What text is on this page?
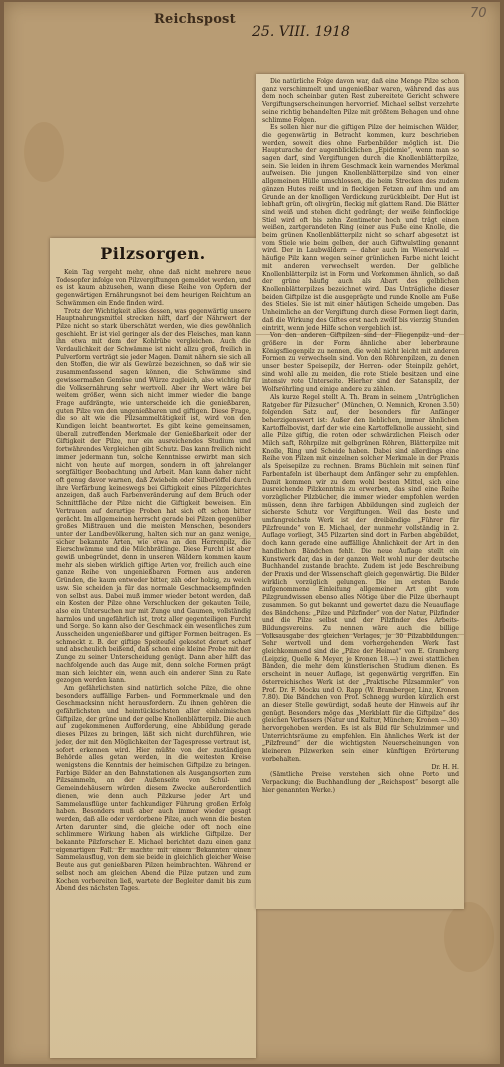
Reichspost
25. VIII. 1918
70
Pilzsorgen.

Kein Tag vergeht mehr, ohne daß nicht mehrere neue Todesopfer infolge von Pilzvergiftungen gemeldet werden, und es ist kaum abzusehen, wann diese Reihe von Opfern der gegenwärtigen Ernährungsnot bei dem heurigen Reichtum an Schwämmen ein Ende finden wird.

Trotz der Wichtigkeit alles dessen, was gegenwärtig unsere Hauptnahrungsmittel strecken hilft, darf der Nährwert der Pilze nicht so stark überschätzt werden, wie dies gewöhnlich geschieht. Er ist viel geringer als der des Fleisches, man kann ihn etwa mit dem der Kohlrübe vergleichen. Auch die Verdaulichkeit der Schwämme ist nicht allzu groß, freilich in Pulverform verträgt sie jeder Magen. Damit nähern sie sich all den Stoffen, die wir als Gewürze bezeichnen, so daß wir sie zusammenfassend sagen können, die Schwämme sind gewissermaßen Gemüse und Würze zugleich, also wichtig für die Volksernährung sehr wertvoll. Aber ihr Wert wäre bei weitem größer, wenn sich nicht immer wieder die bange Frage aufdrängte, wie unterscheide ich die genießbaren, guten Pilze von den ungenießbaren und giftigen. Diese Frage, die so alt wie die Pilzsammeltätigkeit ist, wird von den Kundigen leicht beantwortet. Es gibt keine gemeinsamen, überall zutreffenden Merkmale der Genießbarkeit oder der Giftigkeit der Pilze, nur ein ausreichendes Studium und fortwährendes Vergleichen gibt Schutz. Das kann freilich nicht immer jedermann tun, solche Kenntnisse erwirbt man sich nicht von heute auf morgen, sondern in oft jahrelanger sorgfältiger Beobachtung und Arbeit. Man kann daher nicht oft genug davor warnen, daß Zwiebeln oder Silberlöffel durch ihre Verfärbung keineswegs bei Giftigkeit eines Pilzgerichtes anzeigen, daß auch Farbenveränderung auf dem Bruch oder Schnittfläche der Pilze nicht die Giftigkeit beweisen. Ein Vertrauen auf derartige Proben hat sich oft schon bitter gerächt. Im allgemeinen herrscht gerade bei Pilzen gegenüber großes Mißtrauen und die meisten Menschen, besonders unter der Landbevölkerung, halten sich nur an ganz wenige, sicher bekannte Arten, wie etwa an den Herrenpilz, die Eierschwämme und die Milchbrätlinge. Diese Furcht ist aber gewiß unbegründet, denn in unseren Wäldern kommen kaum mehr als sieben wirklich giftige Arten vor, freilich auch eine ganze Reihe von ungenießbaren Formen aus anderen Gründen, die kaum entweder bitter, zäh oder holzig, zu weich usw. Sie scheiden ja für das normale Geschmacksempfinden von selbst aus. Dabei muß immer wieder betont werden, daß ein Kosten der Pilze ohne Verschlucken der gekauten Teile, also ein Untersuchen nur mit Zunge und Gaumen, vollständig harmlos und ungefährlich ist, trotz aller gegenteiligen Furcht und Sorge. So kann also der Geschmack ein wesentliches zum Ausscheiden ungenießbarer und giftiger Formen beitragen. Es schmeckt z. B. der giftige Speiteufel gekostet derart scharf und abscheulich beißend, daß schon eine kleine Probe mit der Zunge zu seiner Unterscheidung genügt. Dann aber hilft das nachfolgende auch das Auge mit, denn solche Formen prägt man sich leichter ein, wenn auch ein anderer Sinn zu Rate gezogen werden kann.

Am gefährlichsten sind natürlich solche Pilze, die ohne besonders auffällige Farben- und Formmerkmale und den Geschmacksinn nicht herausfordern. Zu ihnen gehören die gefährlichsten und heimtückischsten aller einheimischen Giftpilze, der grüne und der gelbe Knollenblätterpilz. Die auch auf zugekommenen Aufforderung, eine Abbildung gerade dieses Pilzes zu bringen, läßt sich nicht durchführen, wie jeder, der mit den Möglichkeiten der Tagespresse vertraut ist, sofort erkennen wird. Hier müßte von der zuständigen Behörde alles getan werden, in die weitesten Kreise wenigstens die Kenntnis der heimischen Giftpilze zu bringen. Farbige Bilder an den Bahnstationen als Ausgangsorten zum Pilzsammeln, an der Außenseite von Schul- und Gemeindehäusern würden diesem Zwecke außerordentlich dienen, wie denn auch Pilzkurse jeder Art und Sammelausflüge unter fachkundiger Führung großen Erfolg haben. Besonders muß aber auch immer wieder gesagt werden, daß alle oder verdorbene Pilze, auch wenn die besten Arten darunter sind, die gleiche oder oft noch eine schlimmere Wirkung haben als wirkliche Giftpilze. Der bekannte Pilzforscher E. Michael berichtet dazu einen ganz eigenartigen Fall. Er machte mit einem Bekannten einen Sammelausflug, von dem sie beide in gleichlich gleicher Weise Beute aus gut genießbaren Pilzen heimbrachten. Während er selbst noch am gleichen Abend die Pilze putzen und zum Kochen vorbereiten ließ, wartete der Begleiter damit bis zum Abend des nächsten Tages.

Die natürliche Folge davon war, daß eine Menge Pilze schon ganz verschimmelt und ungenießbar waren, während das aus dem noch scheinbar guten Rest zubereitete Gericht schwere Vergiftungserscheinungen hervorrief. Michael selbst verzehrte seine richtig behandelten Pilze mit größtem Behagen und ohne schlimme Folgen.

Es sollen hier nur die giftigen Pilze der heimischen Wälder, die gegenwärtig in Betracht kommen, kurz beschrieben werden, soweit dies ohne Farbenbilder möglich ist. Die Haupturache der augenblicklichen „Epidemie“, wenn man so sagen darf, sind Vergiftungen durch die Knollenblätterpilze, sein. Sie leiden in ihrem Geschmack kein warnendes Merkmal aufweisen. Die jungen Knollenblätterpilze sind von einer allgemeinen Hülle umschlossen, die beim Strecken des zudem gänzen Hutes reißt und in fleckigen Fetzen auf ihm und am Grunde an der knolligen Verdickung zurückbleibt. Der Hut ist lebhaft grün, oft olivgrün, fleckig mit glattem Rand. Die Blätter sind weiß und stehen dicht gedrängt; der weiße feinflockige Stiel wird oft bis zehn Zentimeter hoch und trägt einen weißen, zartgerandeten Ring (einer aus Fuße eine Knolle, die beim grünen Knollenblätterpilz nicht so scharf abgesetzt ist vom Stiele wie beim gelben, der auch Giftwulstling genannt wird. Der in Laubwäldern — daher auch im Wienerwald — häufige Pilz kann wegen seiner grünlichen Farbe nicht leicht mit anderen verwechselt werden. Der gelbliche Knollenblätterpilz ist in Form und Vorkommen ähnlich, so daß der grüne häufig auch als Abart des gelblichen Knollenblätterpilzes bezeichnet wird. Das Unträgliche dieser beiden Giftpilze ist die ausgeprägte und runde Knolle am Fuße des Stieles. Sie ist mit einer häutigen Scheide umgeben. Das Unheimliche an der Vergiftung durch diese Formen liegt darin, daß die Wirkung des Giftes erst nach zwölf bis vierzig Stunden eintritt, wenn jede Hilfe schon vergeblich ist.

Von den anderen Giftpilzen sind der Fliegenpilz und der größere in der Form ähnliche aber leberbraune Königsfliegenpilz zu nennen, die wohl nicht leicht mit anderen Formen zu verwechseln sind. Von den Röhrenpilzen, zu denen unser bester Speisepilz, der Herren- oder Steinpilz gehört, sind wohl alle zu meiden, die rote Stiele besitzen und eine intensiv rote Unterseite. Hierher sind der Satanspilz, der Wolfsröhrling und einige andere zu zählen.

Als kurze Regel stellt A. Th. Bram in seinem „Untrüglichen Ratgeber für Pilzsucher“ (München, O. Nemnich, Kronen 3.50) folgenden Satz auf, der besonders für Anfänger beherzigenswert ist: Außer den lieblichen, immer ähnlichen Kartoffelbovist, darf der wie eine Kartoffelknolle aussieht, sind alle Pilze giftig, die roten oder schwärzlichen Fleisch oder Milch saft, Röhrpilze mit gelbgrünen Röhren, Blätterpilze mit Knolle, Ring und Scheide haben. Dabei sind allerdings eine Reihe von Pilzen mit einzelnen solcher Merkmale in der Praxis als Speisepilze zu rechnen. Brams Büchlein mit seinen fünf Farbentafeln ist überhaupt dem Anfänger sehr zu empfehlen. Damit kommen wir zu dem wohl besten Mittel, sich eine ausreichende Pilzkenntnis zu erwerben, das sind eine Reihe vorzüglicher Pilzbücher, die immer wieder empfohlen werden müssen, denn ihre farbigen Abbildungen sind zugleich der sicherste Schutz vor Vergiftungen. Weil das beste und umfangreichste Werk ist der dreibändige „Führer für Pilzfreunde“ von E. Michael, der nunmehr vollständig in 2. Auflage vorliegt, 345 Pilzarten sind dort in Farben abgebildet, doch kann gerade eine auffällige Ähnlichkeit der Art in den handlichen Bändchen fehlt. Die neue Auflage stellt ein Kunstwerk dar, das in der ganzen Welt wohl nur der deutsche Buchhandel zustande brachte. Zudem ist jede Beschreibung der Praxis und der Wissenschaft gleich gegenwärtig. Die Bilder wirklich vorzüglich gelungen. Die im ersten Bande aufgenommene Einleitung allgemeiner Art gibt vom Pilzgrundwissen ebenso alles Nötige über die Pilze überhaupt zusammen. So gut bekannt und gewertet dazu die Neuauflage des Bändchens: „Pilze und Pilzfinder“ von der Natur, Pilzfinder und die Pilze selbst und der Pilzfinder des Arbeits-Bildungsvereins. Zu nennen wäre auch die billige Volksausgabe des gleichen Verlages, je 30 Pilzabbildungen. Sehr wertvoll und dem vorhergehenden Werk fast gleichkommend sind die „Pilze der Heimat“ von E. Gramberg (Leipzig, Quelle & Meyer, je Kronen 18.—) in zwei stattlichen Bänden, die mehr dem künstlerischen Studium dienen. Es erscheint in neuer Auflage, ist gegenwärtig vergriffen. Ein österreichisches Werk ist der „Praktische Pilzsammler“ von Prof. Dr. F. Mocku und O. Rapp (W. Bramberger, Linz, Kronen 7.80). Die Bändchen von Prof. Schnegg wurden kürzlich erst an dieser Stelle gewürdigt, sodaß heute der Hinweis auf ihr genügt. Besonders möge das „Merkblatt für die Giftpilze“ des gleichen Verfassers (Natur und Kultur, München; Kronen —.30) hervorgehoben werden. Es ist als Bild für Schulzimmer und Unterrichtsräume zu empfehlen. Ein ähnliches Werk ist der „Pilzfreund“ der die wichtigsten Neuerscheinungen von kleineren Pilzwerken sein einer künftigen Erörterung vorbehalten.

Dr. H. H.

(Sämtliche Preise verstehen sich ohne Porto und Verpackung; die Buchhandlung der „Reichspost“ besorgt alle hier genannten Werke.)
